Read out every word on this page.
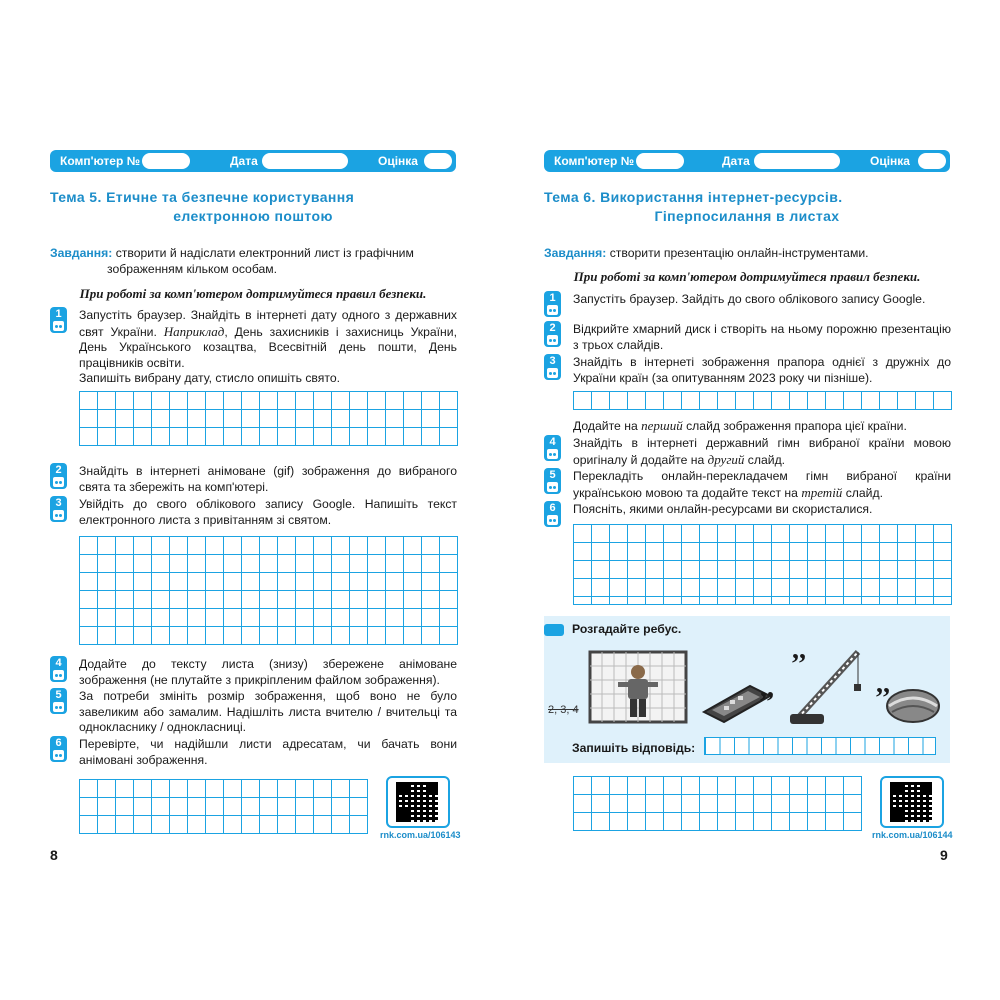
Комп'ютер №	Дата	Оцінка
Тема 5. Етичне та безпечне користування
електронною поштою
Завдання: створити й надіслати електронний лист із графічним
зображенням кільком особам.
При роботі за комп'ютером дотримуйтеся правил безпеки.
1	Запустіть браузер. Знайдіть в інтернеті дату одного з державних свят України. Наприклад, День захисників і захисниць України, День Українського козацтва, Всесвітній день пошти, День працівників освіти.
Запишіть вибрану дату, стисло опишіть свято.
2	Знайдіть в інтернеті анімоване (gif) зображення до вибраного свята та збережіть на комп'ютері.
3	Увійдіть до свого облікового запису Google. Напишіть текст електронного листа з привітанням зі святом.
4	Додайте до тексту листа (знизу) збережене анімоване зображення (не плутайте з прикріпленим файлом зображення).
5	За потреби змініть розмір зображення, щоб воно не було завеликим або замалим. Надішліть листа вчителю / вчительці та однокласнику / однокласниці.
6	Перевірте, чи надійшли листи адресатам, чи бачать вони анімовані зображення.
rnk.com.ua/106143
8
Комп'ютер №	Дата	Оцінка
Тема 6. Використання інтернет-ресурсів.
Гіперпосилання в листах
Завдання: створити презентацію онлайн-інструментами.
При роботі за комп'ютером дотримуйтеся правил безпеки.
1	Запустіть браузер. Зайдіть до свого облікового запису Google.
2	Відкрийте хмарний диск і створіть на ньому порожню презентацію з трьох слайдів.
3	Знайдіть в інтернеті зображення прапора однієї з дружніх до України країн (за опитуванням 2023 року чи пізніше).
Додайте на перший слайд зображення прапора цієї країни.
4	Знайдіть в інтернеті державний гімн вибраної країни мовою оригіналу й додайте на другий слайд.
5	Перекладіть онлайн-перекладачем гімн вибраної країни українською мовою та додайте текст на третій слайд.
6	Поясніть, якими онлайн-ресурсами ви скористалися.
Розгадайте ребус.
2, 3, 4
,,
,,
,,
Запишіть відповідь:
rnk.com.ua/106144
9
